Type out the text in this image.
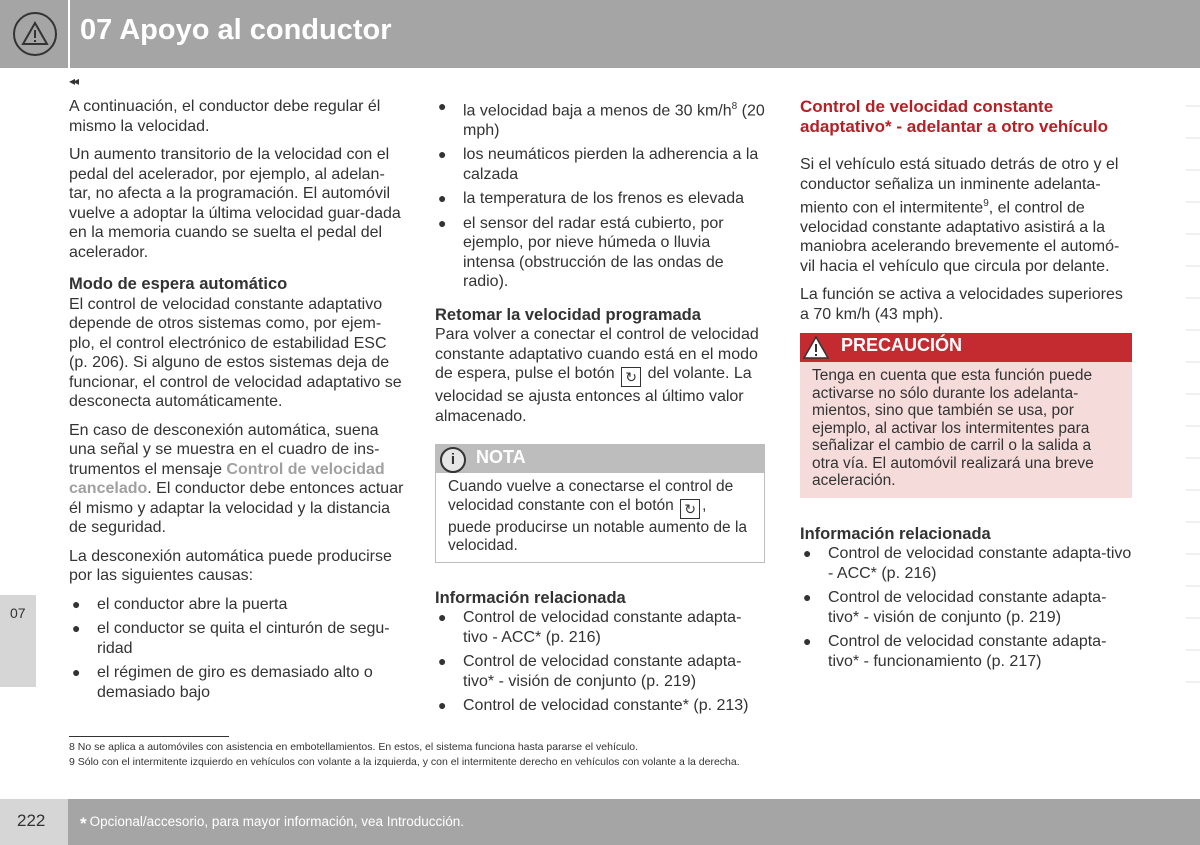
07 Apoyo al conductor
◂◂
07

A continuación, el conductor debe regular él mismo la velocidad.

Un aumento transitorio de la velocidad con el pedal del acelerador, por ejemplo, al adelan-tar, no afecta a la programación. El automóvil vuelve a adoptar la última velocidad guar-dada en la memoria cuando se suelta el pedal del acelerador.

Modo de espera automático

El control de velocidad constante adaptativo depende de otros sistemas como, por ejem-plo, el control electrónico de estabilidad ESC (p. 206). Si alguno de estos sistemas deja de funcionar, el control de velocidad adaptativo se desconecta automáticamente.

En caso de desconexión automática, suena una señal y se muestra en el cuadro de ins-trumentos el mensaje Control de velocidad cancelado. El conductor debe entonces actuar él mismo y adaptar la velocidad y la distancia de seguridad.

La desconexión automática puede producirse por las siguientes causas:

● el conductor abre la puerta
● el conductor se quita el cinturón de segu-ridad
● el régimen de giro es demasiado alto o demasiado bajo
● la velocidad baja a menos de 30 $km/h^8$ (20 mph)
● los neumáticos pierden la adherencia a la calzada
● la temperatura de los frenos es elevada
● el sensor del radar está cubierto, por ejemplo, por nieve húmeda o lluvia intensa (obstrucción de las ondas de radio).
Retomar la velocidad programada

Para volver a conectar el control de velocidad constante adaptativo cuando está en el modo de espera, pulse el botón ↻ del volante. La velocidad se ajusta entonces al último valor almacenado.

i	NOTA
Cuando vuelve a conectarse el control de velocidad constante con el botón ↻ , puede producirse un notable aumento de la velocidad.
Información relacionada
● Control de velocidad constante adapta-tivo - ACC* (p. 216)
● Control de velocidad constante adapta-tivo* - visión de conjunto (p. 219)
● Control de velocidad constante* (p. 213)
Control de velocidad constante adaptativo* - adelantar a otro vehículo

Si el vehículo está situado detrás de otro y el conductor señaliza un inminente adelanta-miento con el intermitente$^9$, el control de velocidad constante adaptativo asistirá a la maniobra acelerando brevemente el automó-vil hacia el vehículo que circula por delante.

La función se activa a velocidades superiores a 70 km/h (43 mph).

PRECAUCIÓN
Tenga en cuenta que esta función puede activarse no sólo durante los adelanta-mientos, sino que también se usa, por ejemplo, al activar los intermitentes para señalizar el cambio de carril o la salida a otra vía. El automóvil realizará una breve aceleración.
Información relacionada
● Control de velocidad constante adapta-tivo - ACC* (p. 216)
● Control de velocidad constante adapta-tivo* - visión de conjunto (p. 219)
● Control de velocidad constante adapta-tivo* - funcionamiento (p. 217)
8 No se aplica a automóviles con asistencia en embotellamientos. En estos, el sistema funciona hasta pararse el vehículo.
9 Sólo con el intermitente izquierdo en vehículos con volante a la izquierda, y con el intermitente derecho en vehículos con volante a la derecha.
222 * Opcional/accesorio, para mayor información, vea Introducción.
